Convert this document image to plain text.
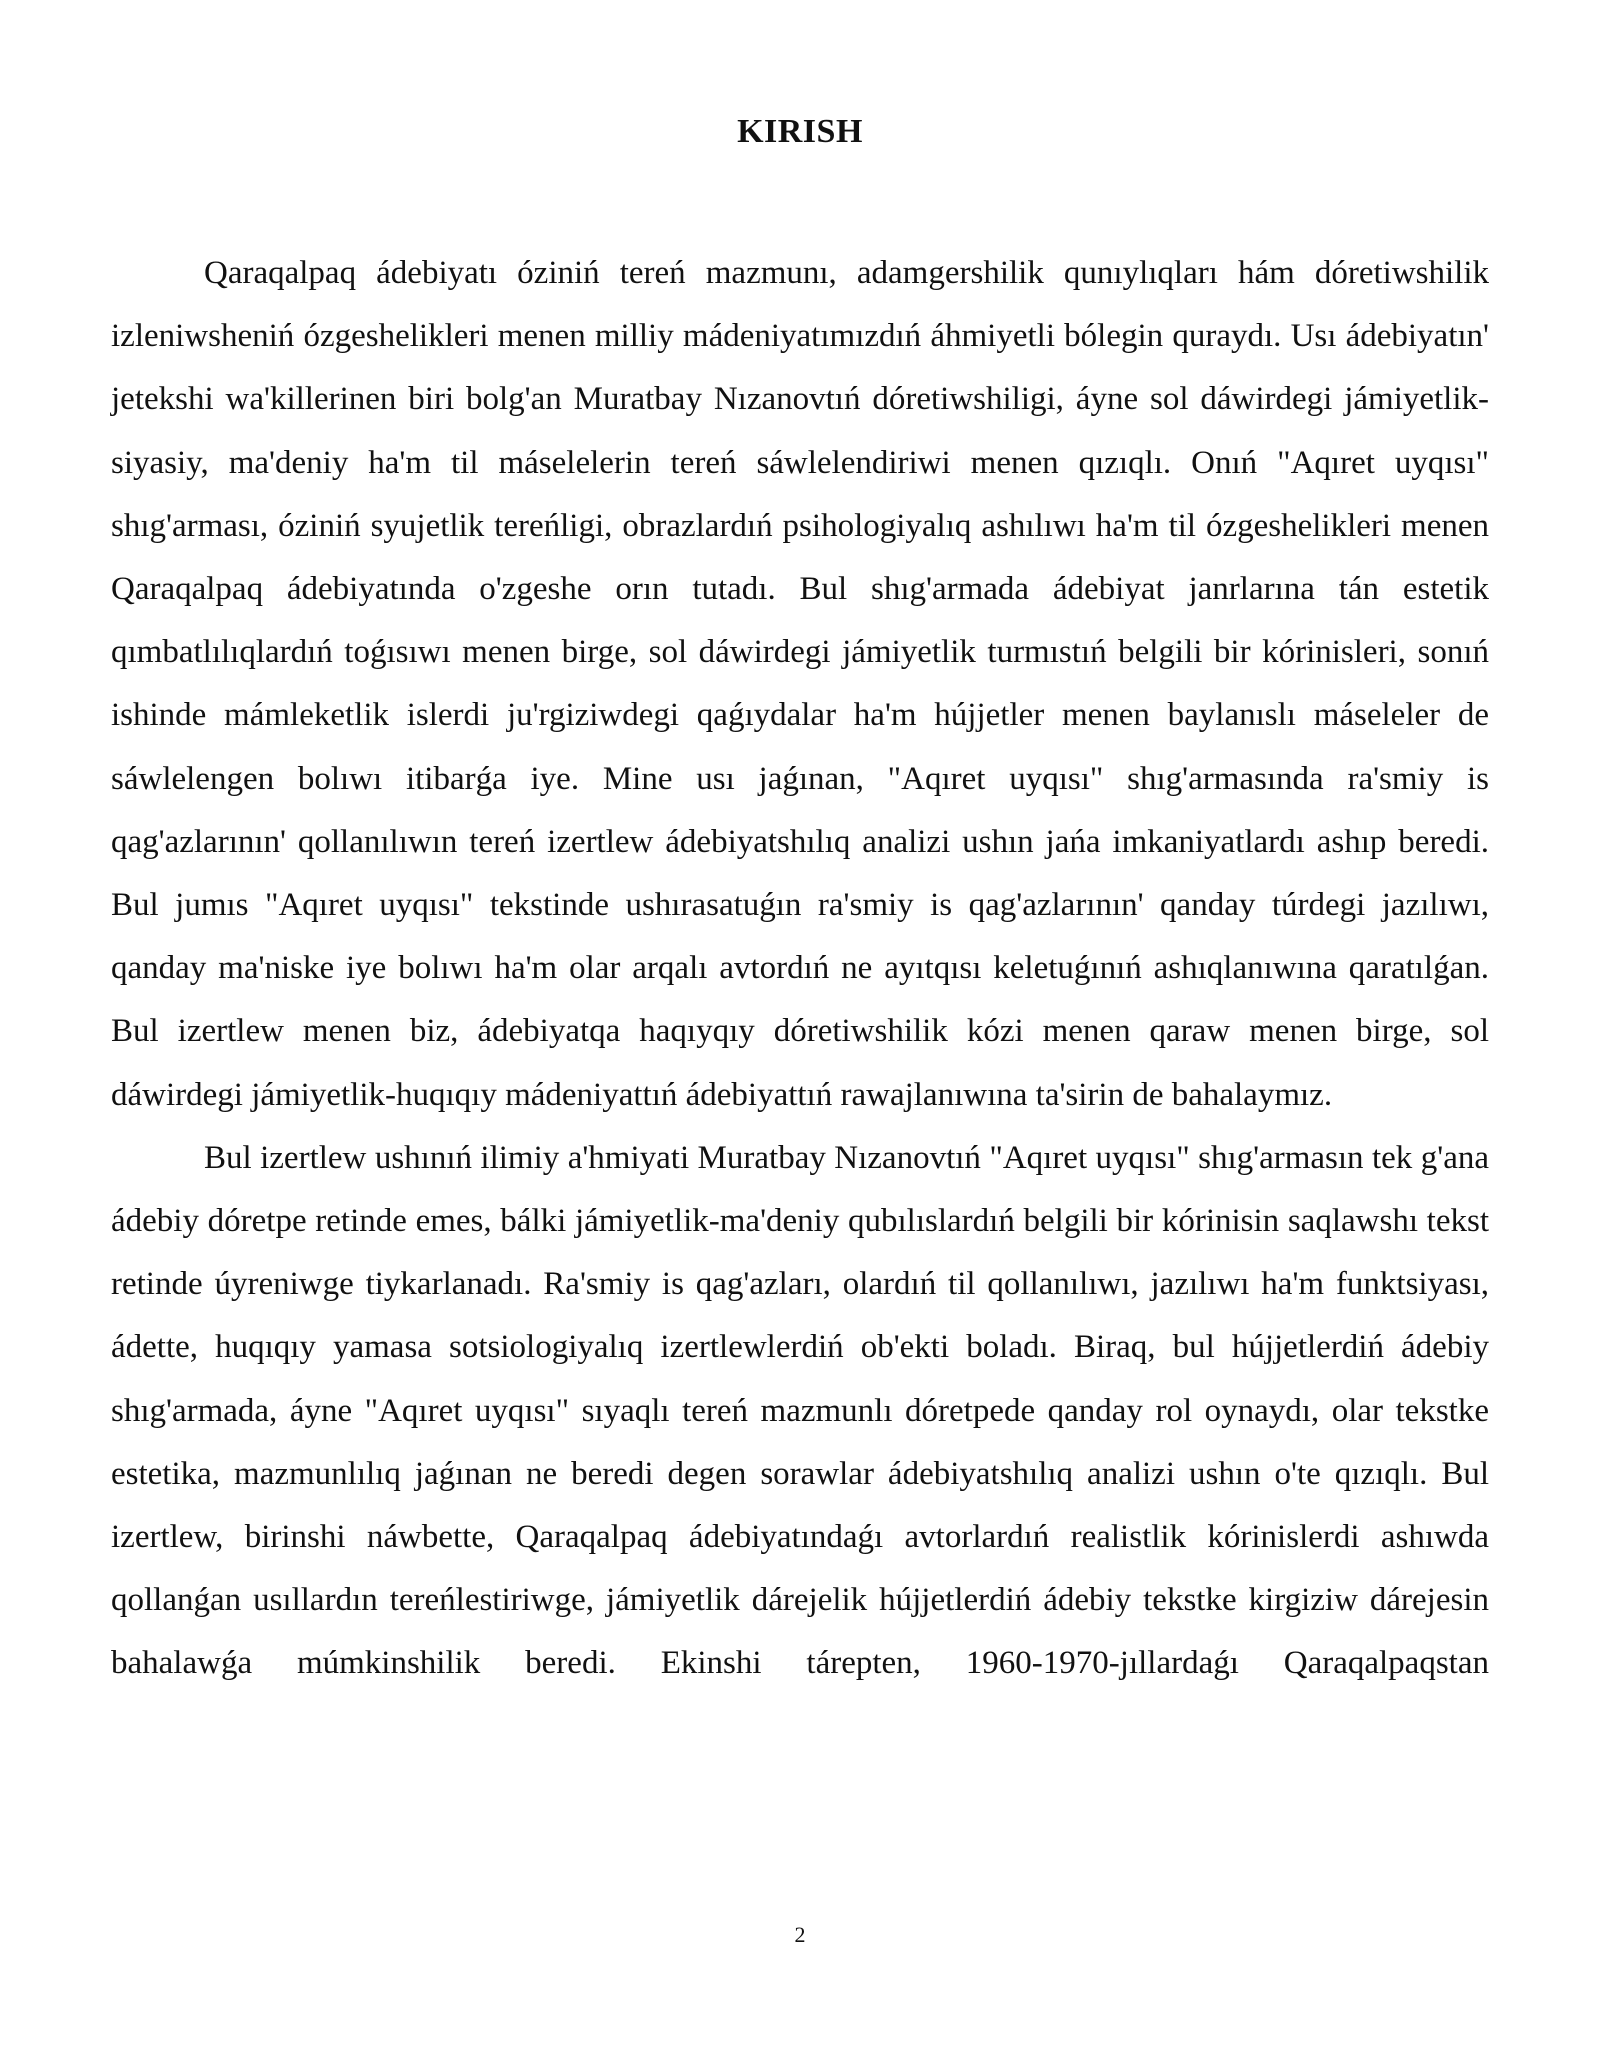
KIRISH

Qaraqalpaq ádebiyatı óziniń tereń mazmunı, adamgershilik qunıylıqları hám dóretiwshilik izleniwsheniń ózgeshelikleri menen milliy mádeniyatımızdıń áhmiyetli bólegin quraydı. Usı ádebiyatın' jetekshi wa'killerinen biri bolg'an Muratbay Nızanovtıń dóretiwshiligi, áyne sol dáwirdegi jámiyetlik-siyasiy, ma'deniy ha'm til máselelerin tereń sáwlelendiriwi menen qızıqlı. Onıń "Aqıret uyqısı" shıg'arması, óziniń syujetlik tereńligi, obrazlardıń psihologiyalıq ashılıwı ha'm til ózgeshelikleri menen Qaraqalpaq ádebiyatında o'zgeshe orın tutadı. Bul shıg'armada ádebiyat janrlarına tán estetik qımbatlılıqlardıń toǵısıwı menen birge, sol dáwirdegi jámiyetlik turmıstıń belgili bir kórinisleri, sonıń ishinde mámleketlik islerdi ju'rgiziwdegi qaǵıydalar ha'm hújjetler menen baylanıslı máseleler de sáwlelengen bolıwı itibarǵa iye. Mine usı jaǵınan, "Aqıret uyqısı" shıg'armasında ra'smiy is qag'azlarının' qollanılıwın tereń izertlew ádebiyatshılıq analizi ushın jańa imkaniyatlardı ashıp beredi. Bul jumıs "Aqıret uyqısı" tekstinde ushırasatuǵın ra'smiy is qag'azlarının' qanday túrdegi jazılıwı, qanday ma'niske iye bolıwı ha'm olar arqalı avtordıń ne ayıtqısı keletuǵınıń ashıqlanıwına qaratılǵan. Bul izertlew menen biz, ádebiyatqa haqıyqıy dóretiwshilik kózi menen qaraw menen birge, sol dáwirdegi jámiyetlik-huqıqıy mádeniyattıń ádebiyattıń rawajlanıwına ta'sirin de bahalaymız.

Bul izertlew ushınıń ilimiy a'hmiyati Muratbay Nızanovtıń "Aqıret uyqısı" shıg'armasın tek g'ana ádebiy dóretpe retinde emes, bálki jámiyetlik-ma'deniy qubılıslardıń belgili bir kórinisin saqlawshı tekst retinde úyreniwge tiykarlanadı. Ra'smiy is qag'azları, olardıń til qollanılıwı, jazılıwı ha'm funktsiyası, ádette, huqıqıy yamasa sotsiologiyalıq izertlewlerdiń ob'ekti boladı. Biraq, bul hújjetlerdiń ádebiy shıg'armada, áyne "Aqıret uyqısı" sıyaqlı tereń mazmunlı dóretpede qanday rol oynaydı, olar tekstke estetika, mazmunlılıq jaǵınan ne beredi degen sorawlar ádebiyatshılıq analizi ushın o'te qızıqlı. Bul izertlew, birinshi náwbette, Qaraqalpaq ádebiyatındaǵı avtorlardıń realistlik kórinislerdi ashıwda qollanǵan usıllardın tereńlestiriwge, jámiyetlik dárejelik hújjetlerdiń ádebiy tekstke kirgiziw dárejesin bahalawǵa múmkinshilik beredi. Ekinshi tárepten, 1960-1970-jıllardaǵı Qaraqalpaqstan

2
